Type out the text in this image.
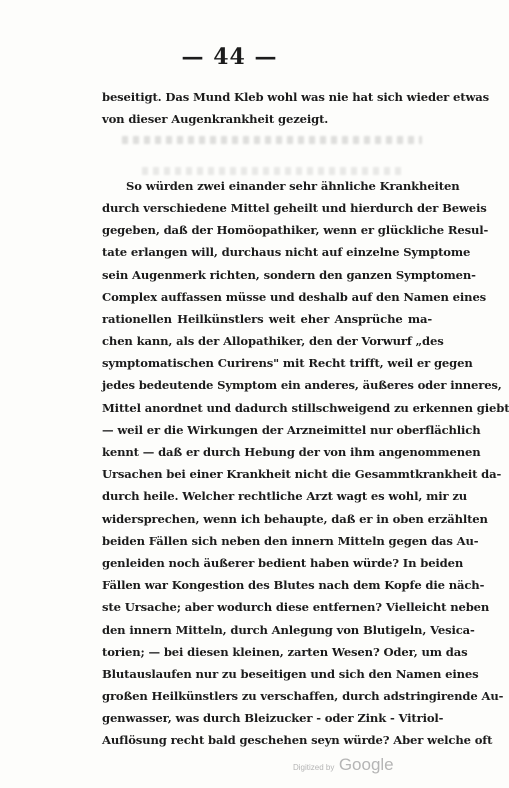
— 44 —
beseitigt. Das Mund Kleb wohl was nie hat sich wieder etwas
von dieser Augenkrankheit gezeigt.
So würden zwei einander sehr ähnliche Krankheiten
durch verschiedene Mittel geheilt und hierdurch der Beweis
gegeben, daß der Homöopathiker, wenn er glückliche Resul-
tate erlangen will, durchaus nicht auf einzelne Symptome
sein Augenmerk richten, sondern den ganzen Symptomen-
Complex auffassen müsse und deshalb auf den Namen eines
rationellen Heilkünstlers weit eher Ansprüche ma-
chen kann, als der Allopathiker, den der Vorwurf „des
symptomatischen Curirens" mit Recht trifft, weil er gegen
jedes bedeutende Symptom ein anderes, äußeres oder inneres,
Mittel anordnet und dadurch stillschweigend zu erkennen giebt
— weil er die Wirkungen der Arzneimittel nur oberflächlich
kennt — daß er durch Hebung der von ihm angenommenen
Ursachen bei einer Krankheit nicht die Gesammtkrankheit da-
durch heile. Welcher rechtliche Arzt wagt es wohl, mir zu
widersprechen, wenn ich behaupte, daß er in oben erzählten
beiden Fällen sich neben den innern Mitteln gegen das Au-
genleiden noch äußerer bedient haben würde? In beiden
Fällen war Kongestion des Blutes nach dem Kopfe die näch-
ste Ursache; aber wodurch diese entfernen? Vielleicht neben
den innern Mitteln, durch Anlegung von Blutigeln, Vesica-
torien; — bei diesen kleinen, zarten Wesen? Oder, um das
Blutauslaufen nur zu beseitigen und sich den Namen eines
großen Heilkünstlers zu verschaffen, durch adstringirende Au-
genwasser, was durch Bleizucker - oder Zink - Vitriol-
Auflösung recht bald geschehen seyn würde? Aber welche oft
Digitized by Google
